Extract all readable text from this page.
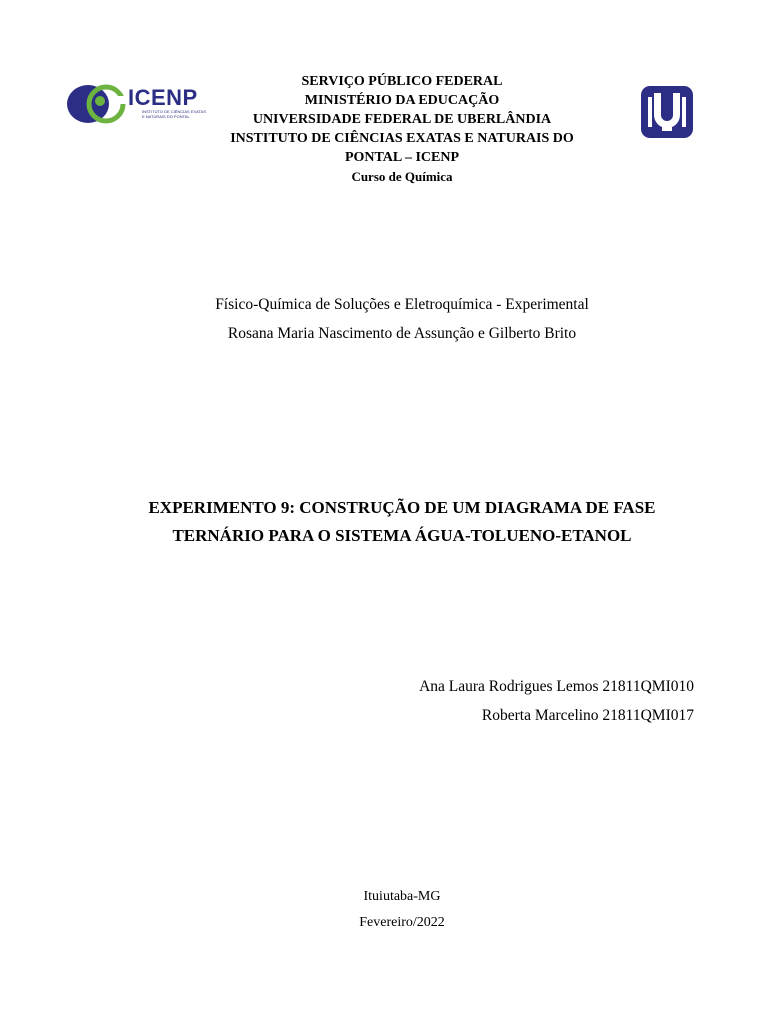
ICENP
INSTITUTO DE CIÊNCIAS EXATAS
E NATURAIS DO PONTAL
SERVIÇO PÚBLICO FEDERAL
MINISTÉRIO DA EDUCAÇÃO
UNIVERSIDADE FEDERAL DE UBERLÂNDIA
INSTITUTO DE CIÊNCIAS EXATAS E NATURAIS DO
PONTAL – ICENP
Curso de Química
Físico-Química de Soluções e Eletroquímica - Experimental
Rosana Maria Nascimento de Assunção e Gilberto Brito
EXPERIMENTO 9: CONSTRUÇÃO DE UM DIAGRAMA DE FASE
TERNÁRIO PARA O SISTEMA ÁGUA-TOLUENO-ETANOL
Ana Laura Rodrigues Lemos 21811QMI010
Roberta Marcelino 21811QMI017
Ituiutaba-MG
Fevereiro/2022
